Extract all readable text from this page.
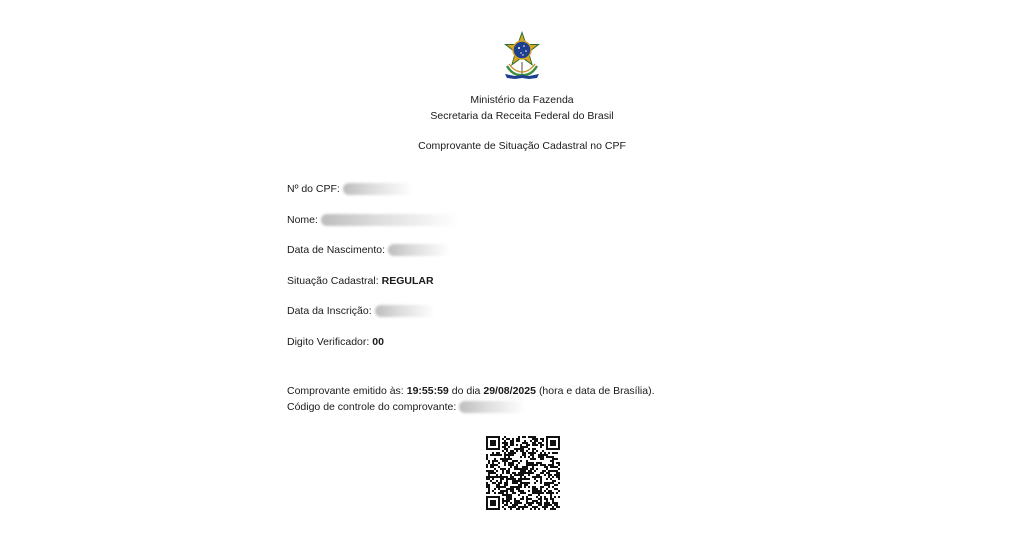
Ministério da Fazenda
Secretaria da Receita Federal do Brasil
Comprovante de Situação Cadastral no CPF
Nº do CPF:
Nome:
Data de Nascimento:
Situação Cadastral: REGULAR
Data da Inscrição:
Digito Verificador: 00
Comprovante emitido às: 19:55:59 do dia 29/08/2025 (hora e data de Brasília).
Código de controle do comprovante:
